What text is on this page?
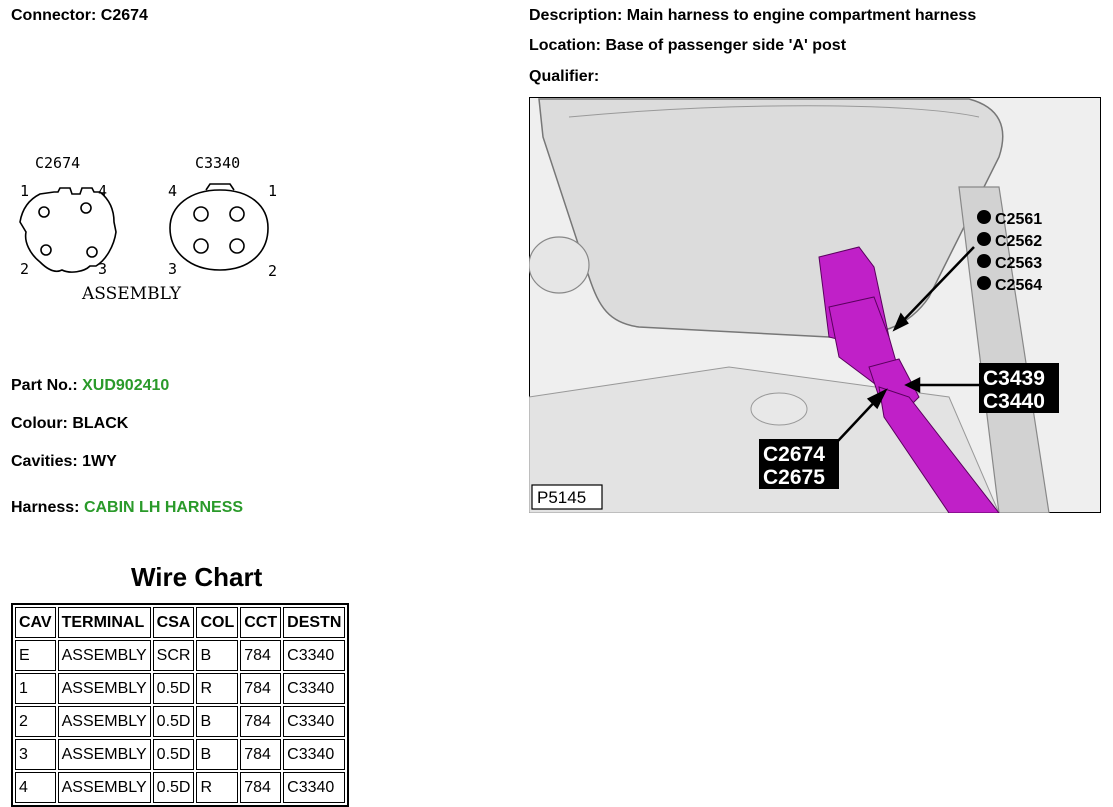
Connector: C2674	Description: Main harness to engine compartment harness
Location: Base of passenger side 'A' post
Qualifier:
C2674	C3340
1	4
2	3
4	1
3	2
ASSEMBLY
Part No.: XUD902410
Colour: BLACK
Cavities: 1WY
Harness: CABIN LH HARNESS
Wire Chart
CAV	TERMINAL	CSA	COL	CCT	DESTN
E	ASSEMBLY	SCR	B	784	C3340
1	ASSEMBLY	0.5D	R	784	C3340
2	ASSEMBLY	0.5D	B	784	C3340
3	ASSEMBLY	0.5D	B	784	C3340
4	ASSEMBLY	0.5D	R	784	C3340
C2561
C2562
C2563
C2564
C3439
C3440
C2674
C2675
P5145
